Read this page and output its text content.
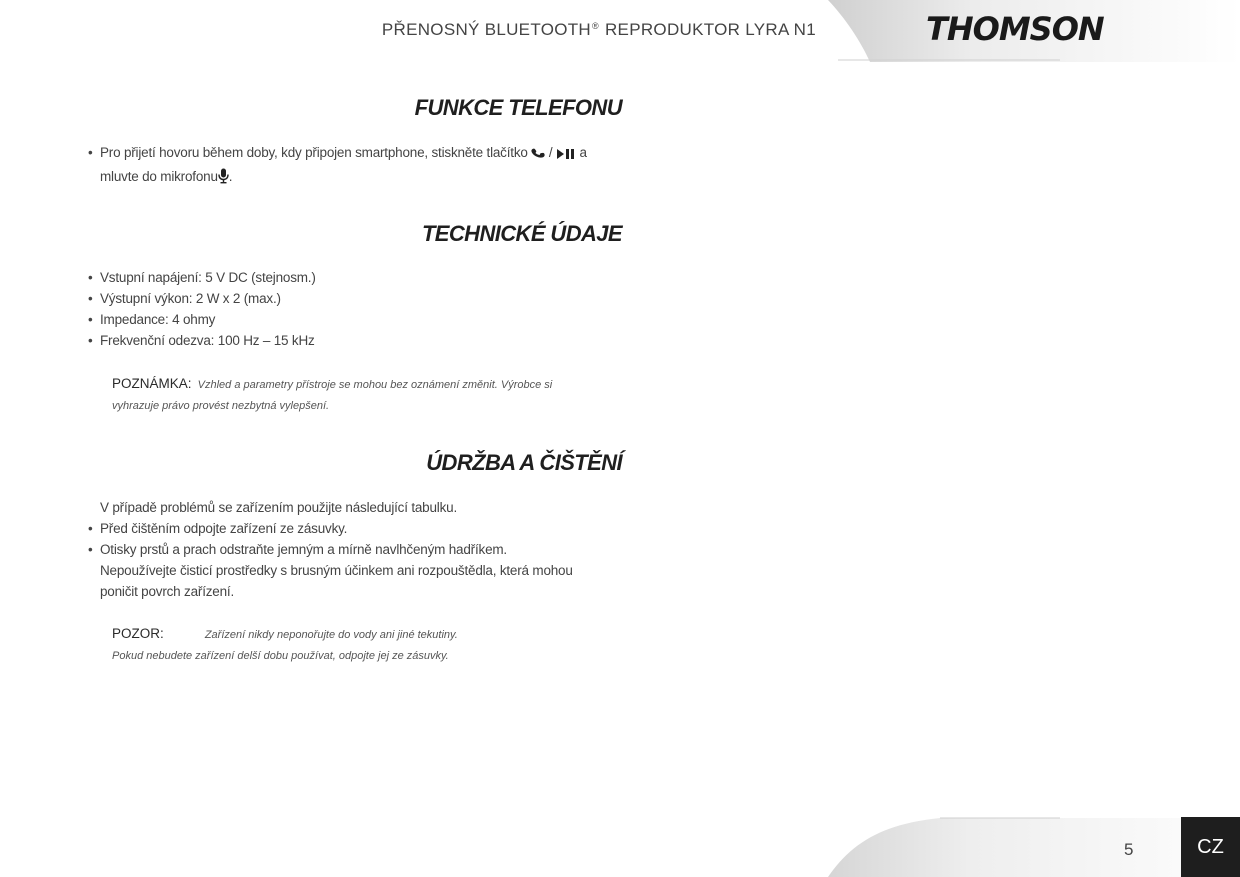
PŘENOSNÝ BLUETOOTH® REPRODUKTOR LYRA N1	THOMSON
FUNKCE TELEFONU
• Pro přijetí hovoru během doby, kdy připojen smartphone, stiskněte tlačítko / a
mluvte do mikrofonu .
TECHNICKÉ ÚDAJE
• Vstupní napájení: 5 V DC (stejnosm.)
• Výstupní výkon: 2 W x 2 (max.)
• Impedance: 4 ohmy
• Frekvenční odezva: 100 Hz – 15 kHz
POZNÁMKA: Vzhled a parametry přístroje se mohou bez oznámení změnit. Výrobce si
vyhrazuje právo provést nezbytná vylepšení.
ÚDRŽBA A ČIŠTĚNÍ
V případě problémů se zařízením použijte následující tabulku.
• Před čištěním odpojte zařízení ze zásuvky.
• Otisky prstů a prach odstraňte jemným a mírně navlhčeným hadříkem.
Nepoužívejte čisticí prostředky s brusným účinkem ani rozpouštědla, která mohou
poničit povrch zařízení.
POZOR:	Zařízení nikdy neponořujte do vody ani jiné tekutiny.
Pokud nebudete zařízení delší dobu používat, odpojte jej ze zásuvky.
5	CZ
